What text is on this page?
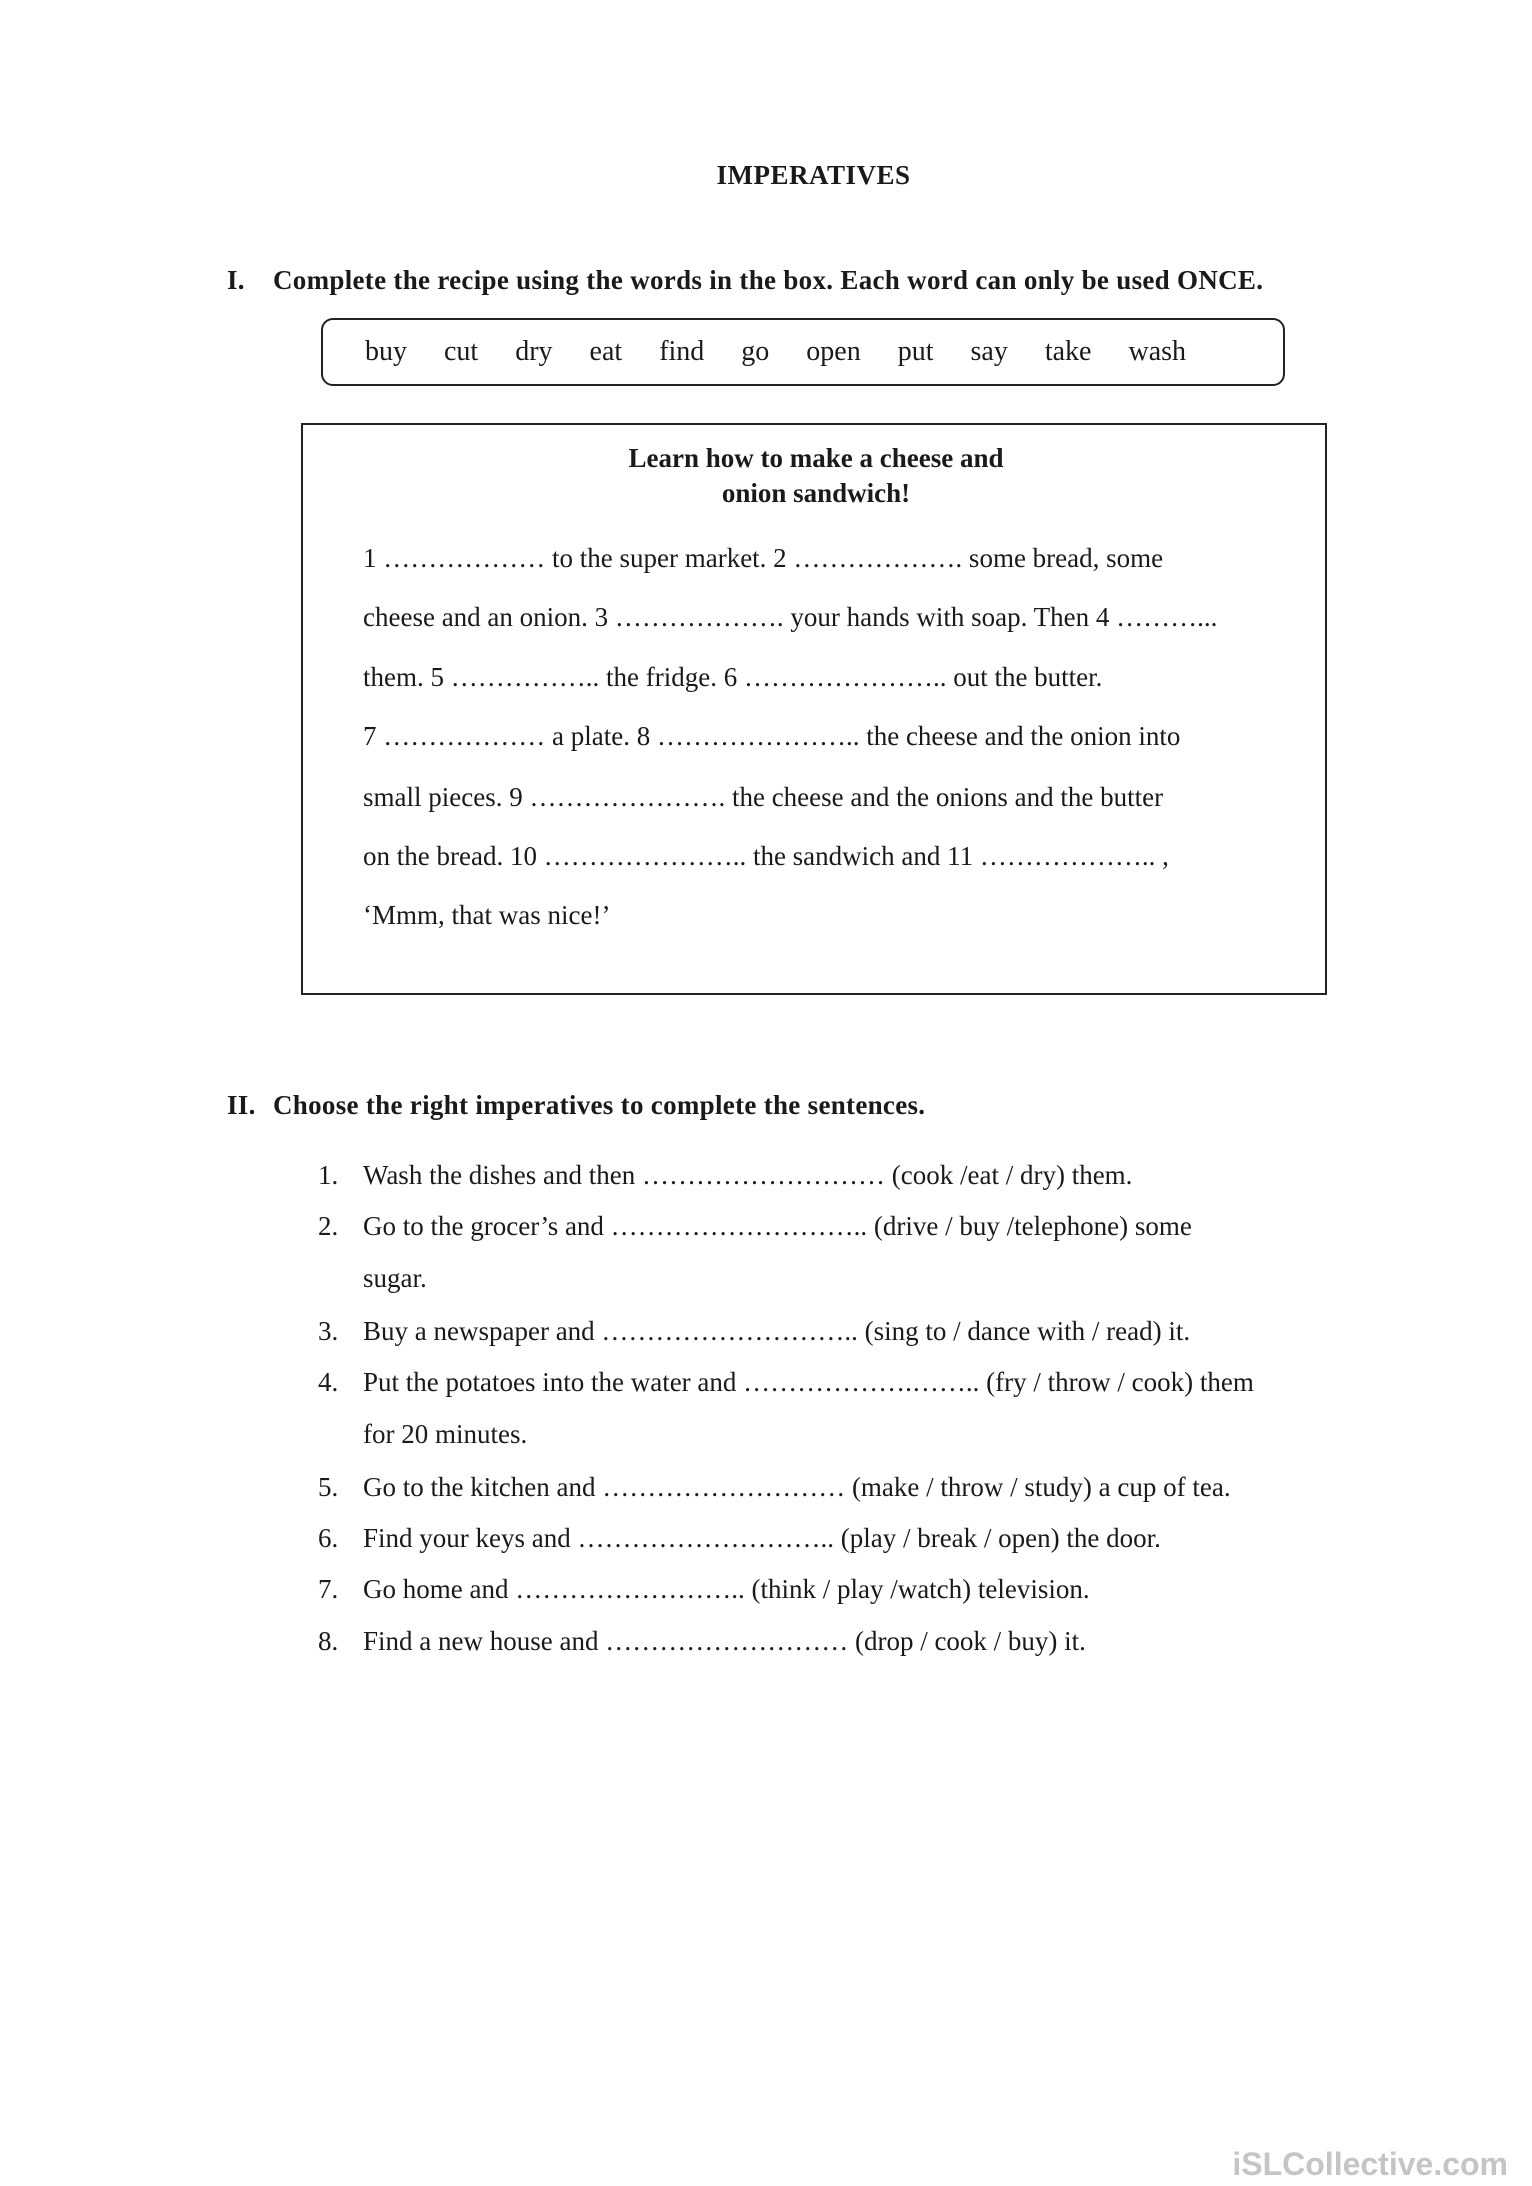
IMPERATIVES
I. Complete the recipe using the words in the box. Each word can only be used ONCE.
buy cut dry eat find go open put say take wash
Learn how to make a cheese and
onion sandwich!
1 ……………… to the super market. 2 ………………. some bread, some
cheese and an onion. 3 ………………. your hands with soap. Then 4 ………...
them. 5 …………….. the fridge. 6 ………………….. out the butter.
7 ……………… a plate. 8 ………………….. the cheese and the onion into
small pieces. 9 …………………. the cheese and the onions and the butter
on the bread. 10 ………………….. the sandwich and 11 ……………….. ,
‘Mmm, that was nice!’
II. Choose the right imperatives to complete the sentences.
1. Wash the dishes and then ……………………… (cook /eat / dry) them.
2. Go to the grocer’s and ……………………….. (drive / buy /telephone) some
sugar.
3. Buy a newspaper and ……………………….. (sing to / dance with / read) it.
4. Put the potatoes into the water and ……………….…….. (fry / throw / cook) them
for 20 minutes.
5. Go to the kitchen and ……………………… (make / throw / study) a cup of tea.
6. Find your keys and ……………………….. (play / break / open) the door.
7. Go home and …………………….. (think / play /watch) television.
8. Find a new house and ……………………… (drop / cook / buy) it.
iSLCollective.com
